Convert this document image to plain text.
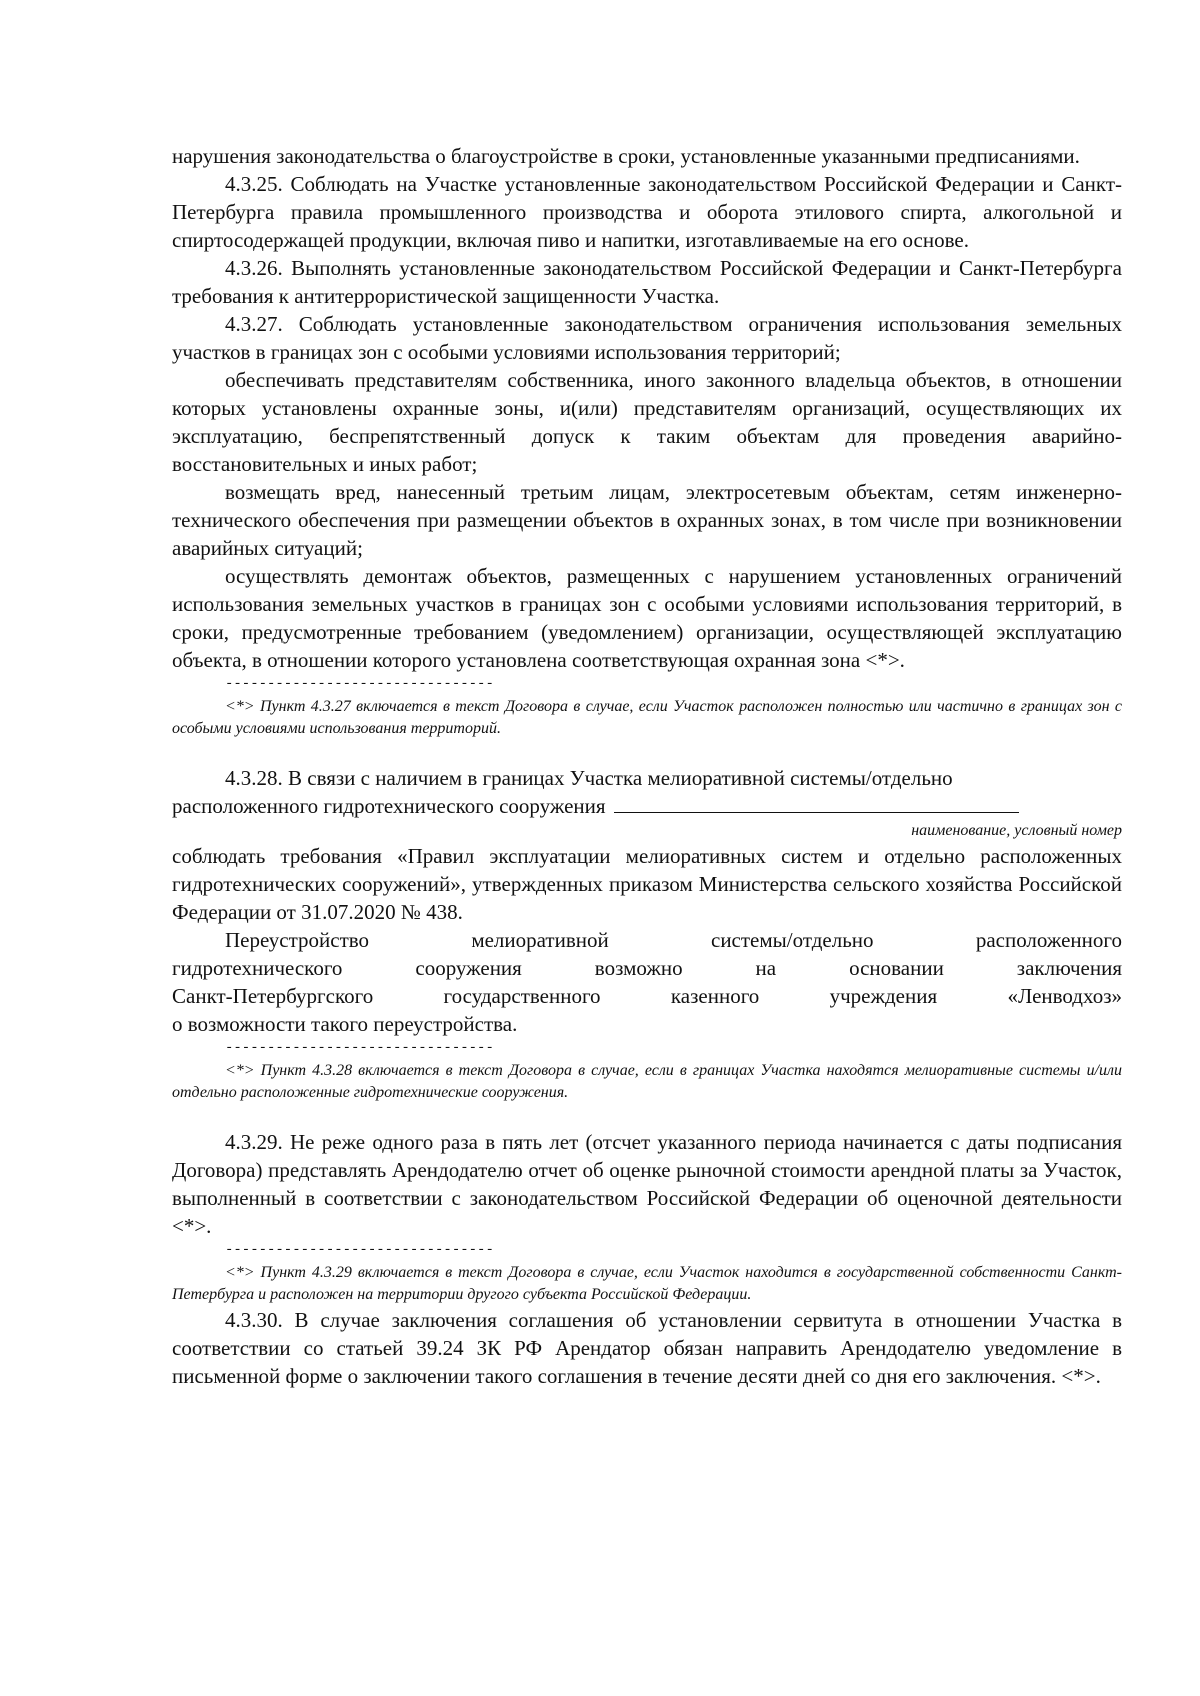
нарушения законодательства о благоустройстве в сроки, установленные указанными предписаниями.

4.3.25. Соблюдать на Участке установленные законодательством Российской Федерации и Санкт-Петербурга правила промышленного производства и оборота этилового спирта, алкогольной и спиртосодержащей продукции, включая пиво и напитки, изготавливаемые на его основе.

4.3.26. Выполнять установленные законодательством Российской Федерации и Санкт-Петербурга требования к антитеррористической защищенности Участка.

4.3.27. Соблюдать установленные законодательством ограничения использования земельных участков в границах зон с особыми условиями использования территорий;

обеспечивать представителям собственника, иного законного владельца объектов, в отношении которых установлены охранные зоны, и(или) представителям организаций, осуществляющих их эксплуатацию, беспрепятственный допуск к таким объектам для проведения аварийно-восстановительных и иных работ;

возмещать вред, нанесенный третьим лицам, электросетевым объектам, сетям инженерно-технического обеспечения при размещении объектов в охранных зонах, в том числе при возникновении аварийных ситуаций;

осуществлять демонтаж объектов, размещенных с нарушением установленных ограничений использования земельных участков в границах зон с особыми условиями использования территорий, в сроки, предусмотренные требованием (уведомлением) организации, осуществляющей эксплуатацию объекта, в отношении которого установлена соответствующая охранная зона <*>.

--------------------------------

<*> Пункт 4.3.27 включается в текст Договора в случае, если Участок расположен полностью или частично в границах зон с особыми условиями использования территорий.

4.3.28. В связи с наличием в границах Участка мелиоративной системы/отдельно

расположенного гидротехнического сооружения
наименование, условный номер

соблюдать требования «Правил эксплуатации мелиоративных систем и отдельно расположенных гидротехнических сооружений», утвержденных приказом Министерства сельского хозяйства Российской Федерации от 31.07.2020 № 438.

Переустройство	мелиоративной	системы/отдельно	расположенного
гидротехнического	сооружения	возможно	на	основании	заключения
Санкт-Петербургского	государственного	казенного	учреждения	«Ленводхоз»

о возможности такого переустройства.

--------------------------------

<*> Пункт 4.3.28 включается в текст Договора в случае, если в границах Участка находятся мелиоративные системы и/или отдельно расположенные гидротехнические сооружения.

4.3.29. Не реже одного раза в пять лет (отсчет указанного периода начинается с даты подписания Договора) представлять Арендодателю отчет об оценке рыночной стоимости арендной платы за Участок, выполненный в соответствии с законодательством Российской Федерации об оценочной деятельности <*>.

--------------------------------

<*> Пункт 4.3.29 включается в текст Договора в случае, если Участок находится в государственной собственности Санкт-Петербурга и расположен на территории другого субъекта Российской Федерации.

4.3.30. В случае заключения соглашения об установлении сервитута в отношении Участка в соответствии со статьей 39.24 ЗК РФ Арендатор обязан направить Арендодателю уведомление в письменной форме о заключении такого соглашения в течение десяти дней со дня его заключения. <*>.
